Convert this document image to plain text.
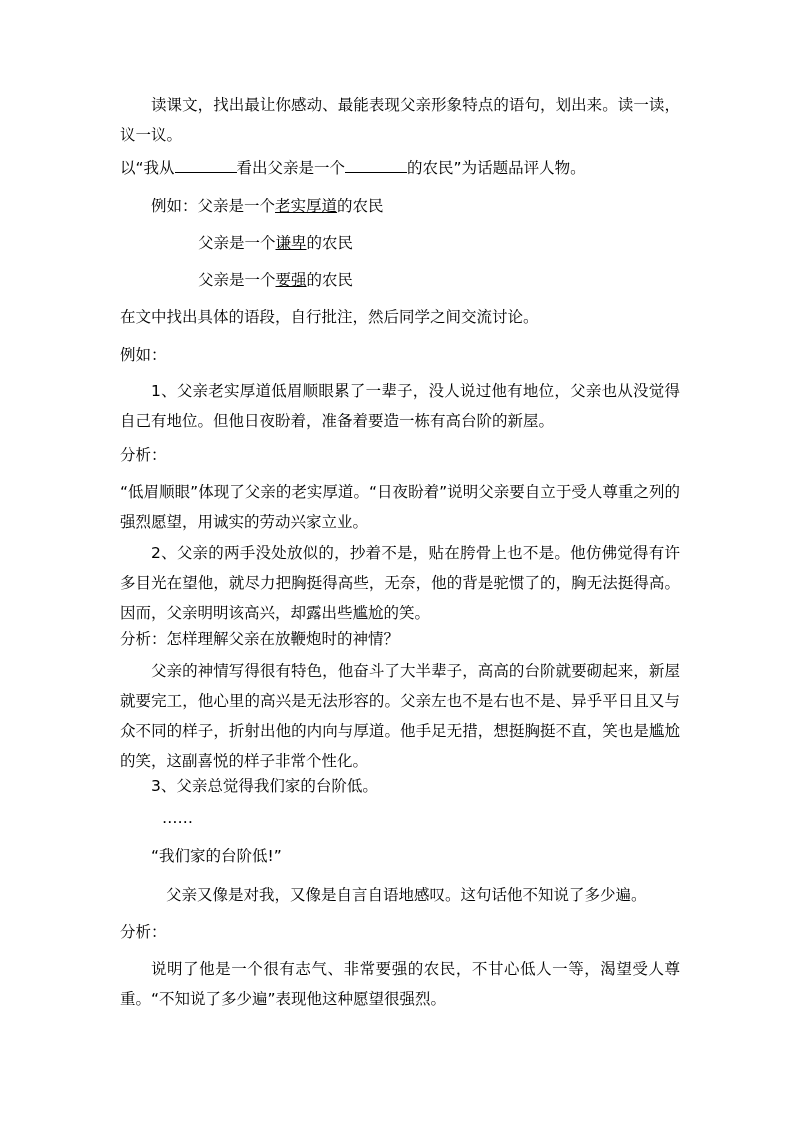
读课文，找出最让你感动、最能表现父亲形象特点的语句，划出来。读一读，议一议。

以“我从	看出父亲是一个	的农民”为话题品评人物。

例如：父亲是一个老实厚道的农民

父亲是一个谦卑的农民

父亲是一个要强的农民

在文中找出具体的语段，自行批注，然后同学之间交流讨论。

例如：

1、父亲老实厚道低眉顺眼累了一辈子，没人说过他有地位，父亲也从没觉得自己有地位。但他日夜盼着，准备着要造一栋有高台阶的新屋。

分析：

“低眉顺眼”体现了父亲的老实厚道。“日夜盼着”说明父亲要自立于受人尊重之列的强烈愿望，用诚实的劳动兴家立业。

2、父亲的两手没处放似的，抄着不是，贴在胯骨上也不是。他仿佛觉得有许多目光在望他，就尽力把胸挺得高些，无奈，他的背是驼惯了的，胸无法挺得高。因而，父亲明明该高兴，却露出些尴尬的笑。

分析：怎样理解父亲在放鞭炮时的神情？

父亲的神情写得很有特色，他奋斗了大半辈子，高高的台阶就要砌起来，新屋就要完工，他心里的高兴是无法形容的。父亲左也不是右也不是、异乎平日且又与众不同的样子，折射出他的内向与厚道。他手足无措，想挺胸挺不直，笑也是尴尬的笑，这副喜悦的样子非常个性化。

3、父亲总觉得我们家的台阶低。

……

“我们家的台阶低!”

父亲又像是对我，又像是自言自语地感叹。这句话他不知说了多少遍。

分析：

说明了他是一个很有志气、非常要强的农民，不甘心低人一等，渴望受人尊重。“不知说了多少遍”表现他这种愿望很强烈。
